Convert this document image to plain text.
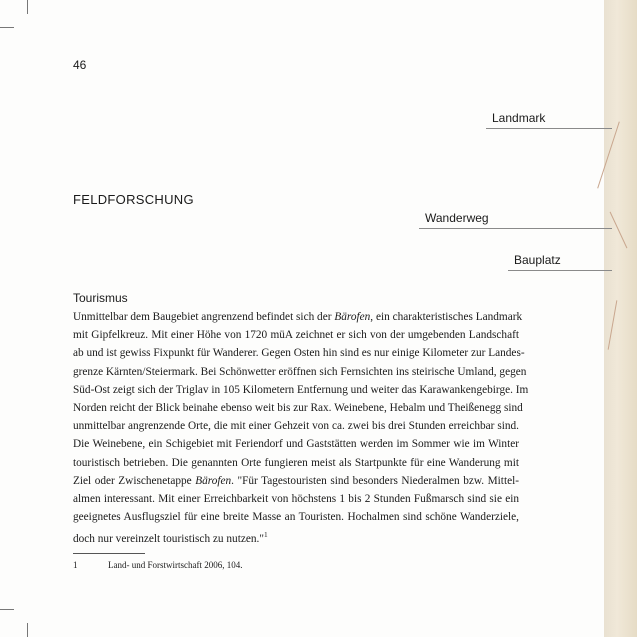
46
Landmark
FELDFORSCHUNG
Wanderweg
Bauplatz
Tourismus
Unmittelbar dem Baugebiet angrenzend befindet sich der Bärofen, ein charakteristisches Landmark
mit Gipfelkreuz. Mit einer Höhe von 1720 müA zeichnet er sich von der umgebenden Landschaft
ab und ist gewiss Fixpunkt für Wanderer. Gegen Osten hin sind es nur einige Kilometer zur Landes-
grenze Kärnten/Steiermark. Bei Schönwetter eröffnen sich Fernsichten ins steirische Umland, gegen
Süd-Ost zeigt sich der Triglav in 105 Kilometern Entfernung und weiter das Karawankengebirge. Im
Norden reicht der Blick beinahe ebenso weit bis zur Rax. Weinebene, Hebalm und Theißenegg sind
unmittelbar angrenzende Orte, die mit einer Gehzeit von ca. zwei bis drei Stunden erreichbar sind.
Die Weinebene, ein Schigebiet mit Feriendorf und Gaststätten werden im Sommer wie im Winter
touristisch betrieben. Die genannten Orte fungieren meist als Startpunkte für eine Wanderung mit
Ziel oder Zwischenetappe Bärofen. "Für Tagestouristen sind besonders Niederalmen bzw. Mittel-
almen interessant. Mit einer Erreichbarkeit von höchstens 1 bis 2 Stunden Fußmarsch sind sie ein
geeignetes Ausflugsziel für eine breite Masse an Touristen. Hochalmen sind schöne Wanderziele,
doch nur vereinzelt touristisch zu nutzen."$^1$
1	Land- und Forstwirtschaft 2006, 104.
